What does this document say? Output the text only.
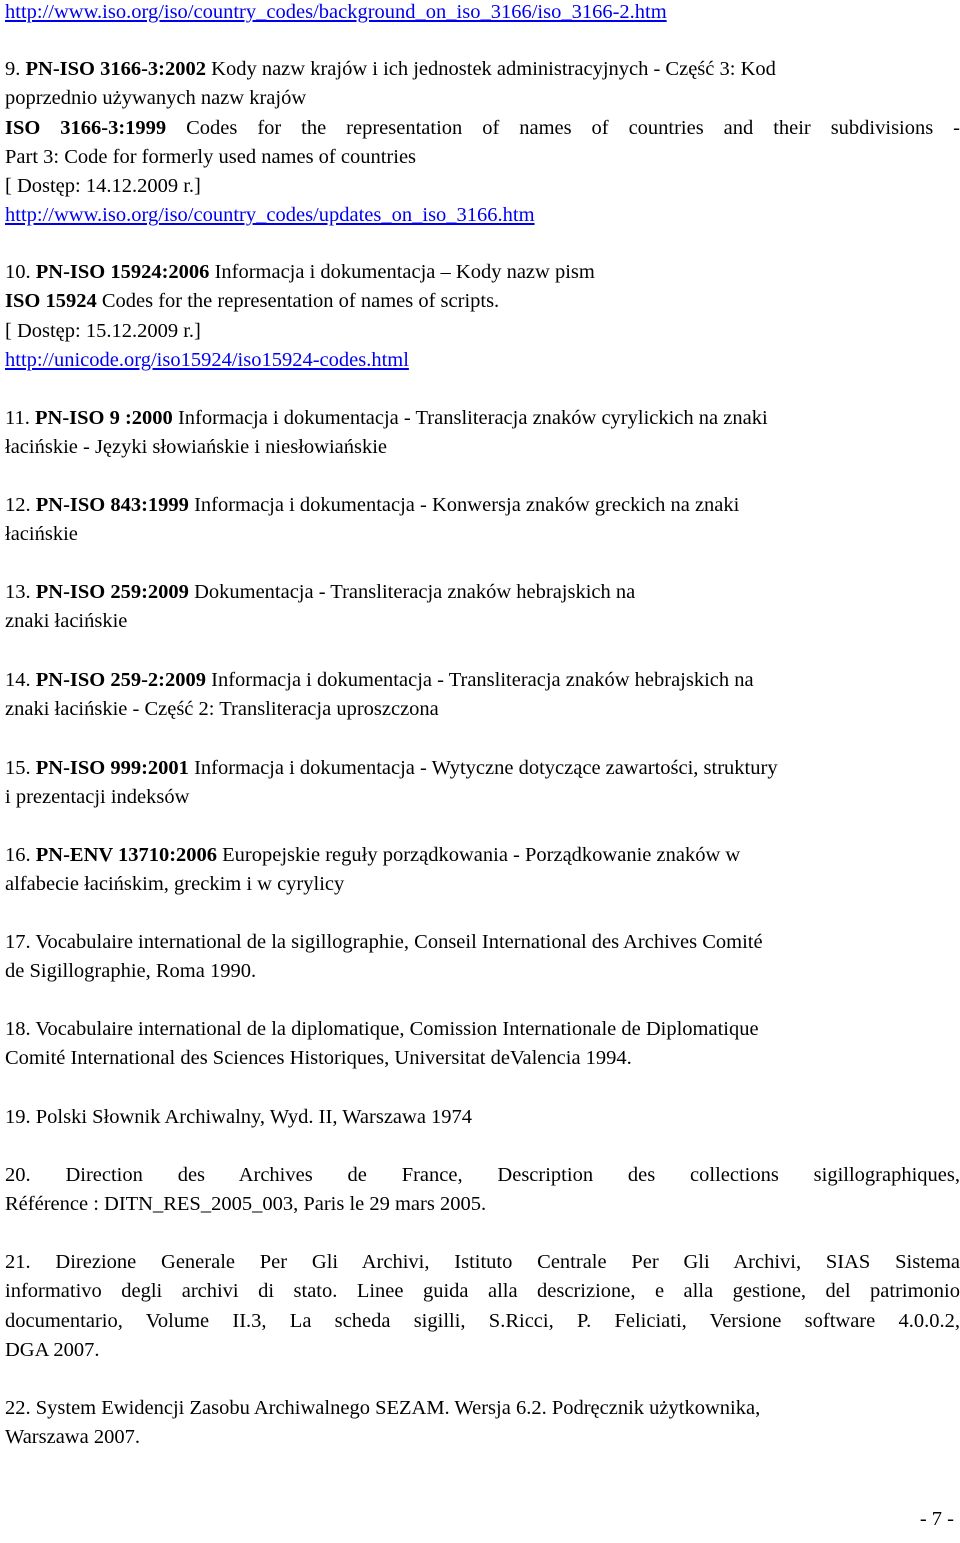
http://www.iso.org/iso/country_codes/background_on_iso_3166/iso_3166-2.htm
9. PN-ISO 3166-3:2002 Kody nazw krajów i ich jednostek administracyjnych - Część 3: Kod
poprzednio używanych nazw krajów
ISO 3166-3:1999 Codes for the representation of names of countries and their subdivisions -
Part 3: Code for formerly used names of countries
[ Dostęp: 14.12.2009 r.]
http://www.iso.org/iso/country_codes/updates_on_iso_3166.htm
10. PN-ISO 15924:2006 Informacja i dokumentacja – Kody nazw pism
ISO 15924 Codes for the representation of names of scripts.
[ Dostęp: 15.12.2009 r.]
http://unicode.org/iso15924/iso15924-codes.html
11. PN-ISO 9 :2000 Informacja i dokumentacja - Transliteracja znaków cyrylickich na znaki
łacińskie - Języki słowiańskie i niesłowiańskie
12. PN-ISO 843:1999 Informacja i dokumentacja - Konwersja znaków greckich na znaki
łacińskie
13. PN-ISO 259:2009 Dokumentacja - Transliteracja znaków hebrajskich na
znaki łacińskie
14. PN-ISO 259-2:2009 Informacja i dokumentacja - Transliteracja znaków hebrajskich na
znaki łacińskie - Część 2: Transliteracja uproszczona
15. PN-ISO 999:2001 Informacja i dokumentacja - Wytyczne dotyczące zawartości, struktury
i prezentacji indeksów
16. PN-ENV 13710:2006 Europejskie reguły porządkowania - Porządkowanie znaków w
alfabecie łacińskim, greckim i w cyrylicy
17. Vocabulaire international de la sigillographie, Conseil International des Archives Comité
de Sigillographie, Roma 1990.
18. Vocabulaire international de la diplomatique, Comission Internationale de Diplomatique
Comité International des Sciences Historiques, Universitat deValencia 1994.
19. Polski Słownik Archiwalny, Wyd. II, Warszawa 1974
20. Direction des Archives de France, Description des collections sigillographiques,
Référence : DITN_RES_2005_003, Paris le 29 mars 2005.
21. Direzione Generale Per Gli Archivi, Istituto Centrale Per Gli Archivi, SIAS Sistema
informativo degli archivi di stato. Linee guida alla descrizione, e alla gestione, del patrimonio
documentario, Volume II.3, La scheda sigilli, S.Ricci, P. Feliciati, Versione software 4.0.0.2,
DGA 2007.
22. System Ewidencji Zasobu Archiwalnego SEZAM. Wersja 6.2. Podręcznik użytkownika,
Warszawa 2007.
- 7 -
